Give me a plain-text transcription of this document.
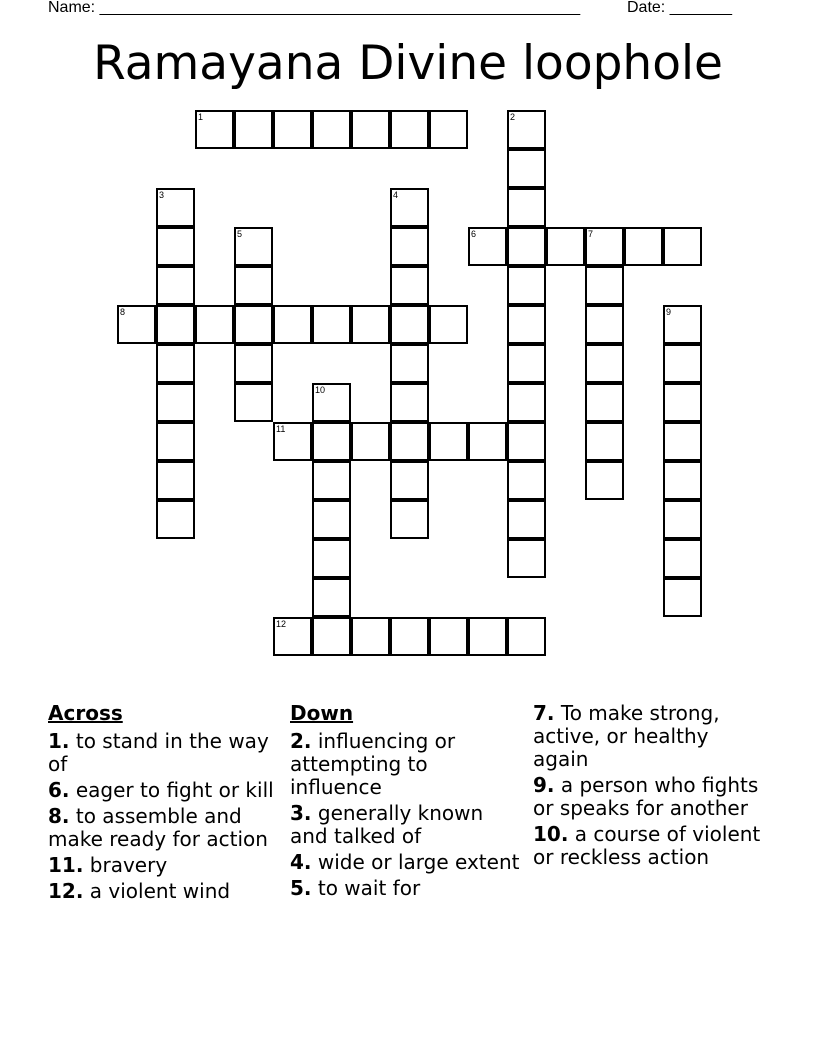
Name: ______________________________________________________	Date: _______
Ramayana Divine loophole
1	2
3	4
5	6	7
8	9
10
11
12
Across
1. to stand in the way of
6. eager to fight or kill
8. to assemble and make ready for action
11. bravery
12. a violent wind
Down
2. influencing or attempting to influence
3. generally known and talked of
4. wide or large extent
5. to wait for
7. To make strong, active, or healthy again
9. a person who fights or speaks for another
10. a course of violent or reckless action
